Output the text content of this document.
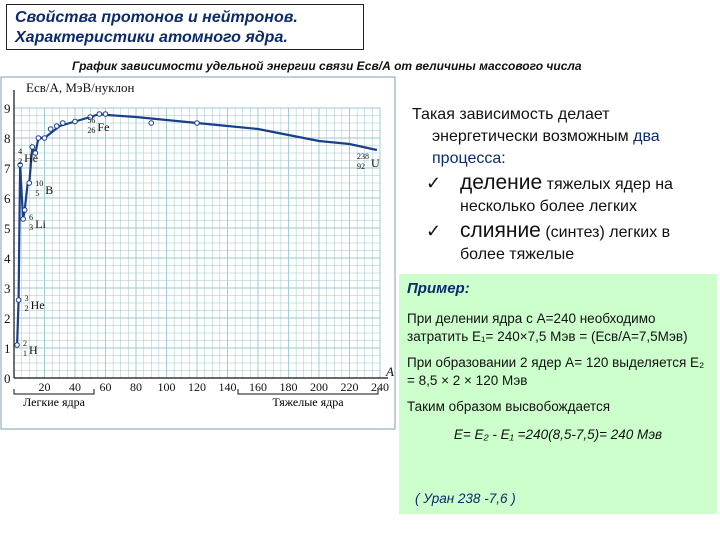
Свойства протонов и нейтронов.
Характеристики атомного ядра.
График зависимости удельной энергии связи Есв/А от величины массового числа
0
1
2
3
4
5
6
7
8
9
20 40 60 80 100 120 140 160 180 200 220 240
Есв/A, МэВ/нуклон
A
2
1 H
3
2 He
6
3 Li
10
5 B
4
2 He
56
26 Fe
238
92 U
Легкие ядра	Тяжелые ядра
Такая зависимость делает энергетически возможным два процесса:
✓ деление тяжелых ядер на несколько более легких
✓ слияние (синтез) легких в более тяжелые
Пример:
При делении ядра с А=240 необходимо затратить Е₁= 240×7,5 Мэв = (Есв/А=7,5Мэв)
При образовании 2 ядер А= 120 выделяется Е₂ = 8,5 × 2 × 120 Мэв
Таким образом высвобождается
E= E₂ - E₁ =240(8,5-7,5)= 240 Мэв
( Уран 238 -7,6 )
